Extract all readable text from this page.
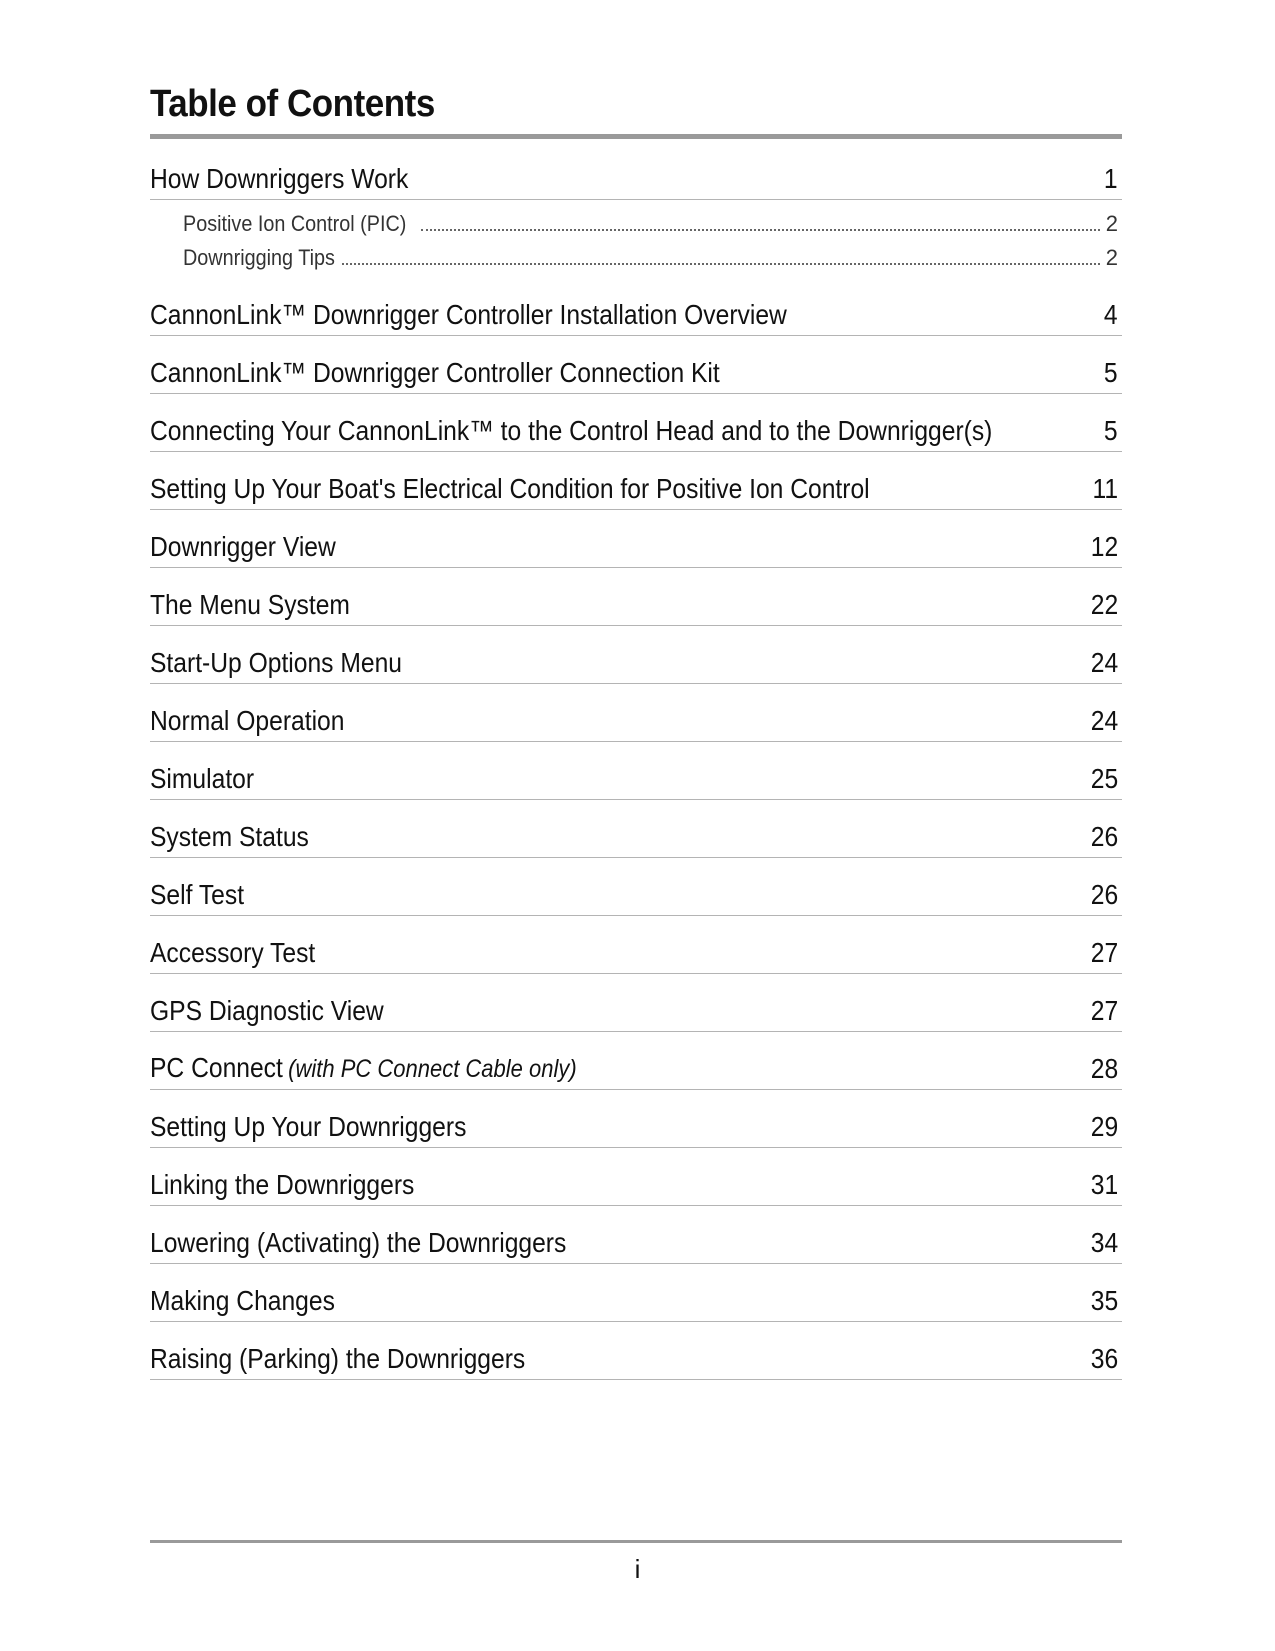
Table of Contents
How Downriggers Work	1
Positive Ion Control (PIC)	2
Downrigging Tips	2
CannonLink™ Downrigger Controller Installation Overview	4
CannonLink™ Downrigger Controller Connection Kit	5
Connecting Your CannonLink™ to the Control Head and to the Downrigger(s)	5
Setting Up Your Boat's Electrical Condition for Positive Ion Control	11
Downrigger View	12
The Menu System	22
Start-Up Options Menu	24
Normal Operation	24
Simulator	25
System Status	26
Self Test	26
Accessory Test	27
GPS Diagnostic View	27
PC Connect (with PC Connect Cable only)	28
Setting Up Your Downriggers	29
Linking the Downriggers	31
Lowering (Activating) the Downriggers	34
Making Changes	35
Raising (Parking) the Downriggers	36
i
